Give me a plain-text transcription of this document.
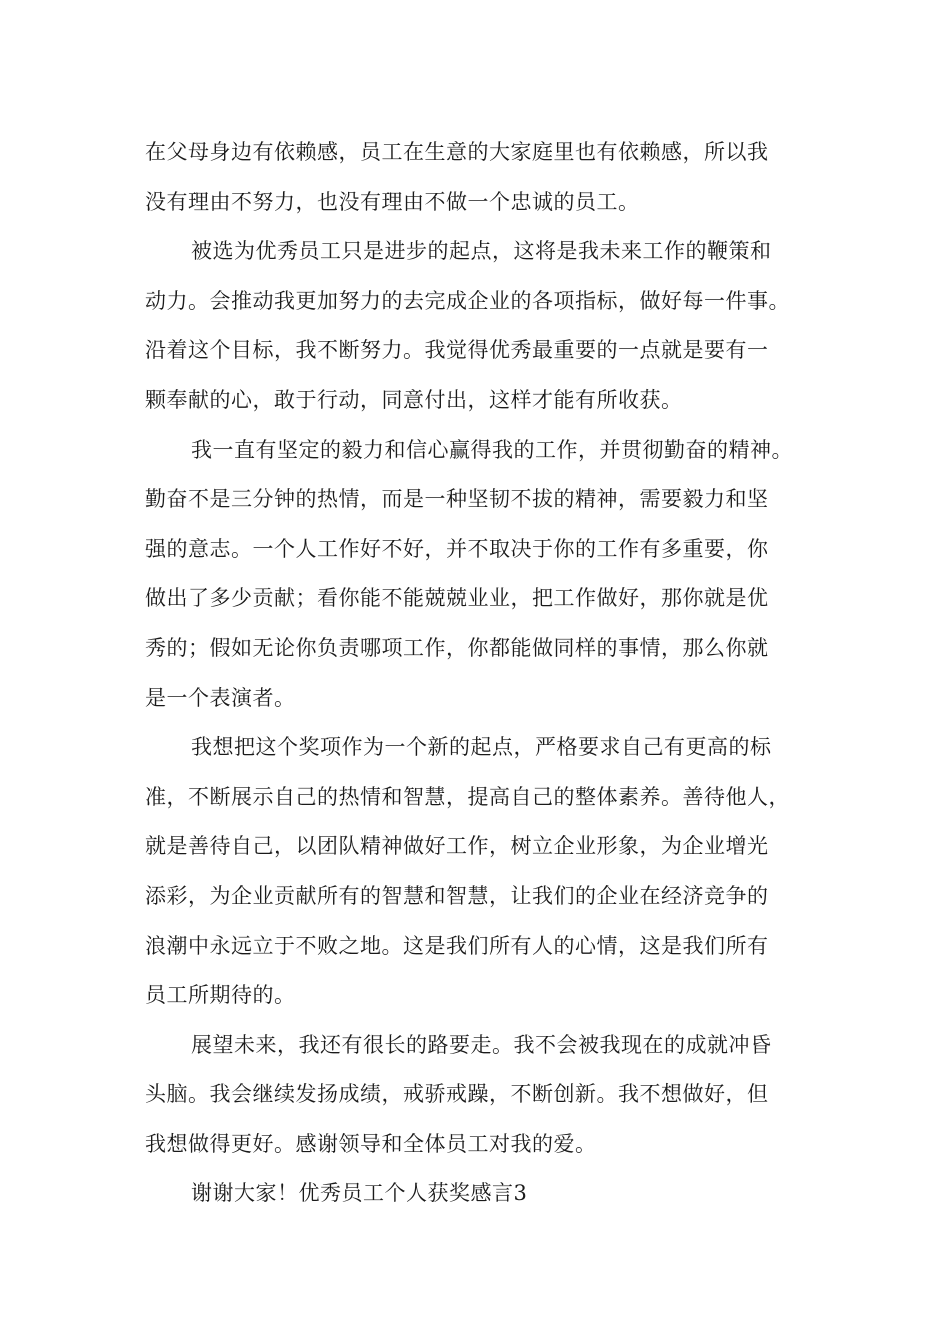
在父母身边有依赖感，员工在生意的大家庭里也有依赖感，所以我
没有理由不努力，也没有理由不做一个忠诚的员工。
被选为优秀员工只是进步的起点，这将是我未来工作的鞭策和
动力。会推动我更加努力的去完成企业的各项指标，做好每一件事。
沿着这个目标，我不断努力。我觉得优秀最重要的一点就是要有一
颗奉献的心，敢于行动，同意付出，这样才能有所收获。
我一直有坚定的毅力和信心赢得我的工作，并贯彻勤奋的精神。
勤奋不是三分钟的热情，而是一种坚韧不拔的精神，需要毅力和坚
强的意志。一个人工作好不好，并不取决于你的工作有多重要，你
做出了多少贡献；看你能不能兢兢业业，把工作做好，那你就是优
秀的；假如无论你负责哪项工作，你都能做同样的事情，那么你就
是一个表演者。
我想把这个奖项作为一个新的起点，严格要求自己有更高的标
准，不断展示自己的热情和智慧，提高自己的整体素养。善待他人，
就是善待自己，以团队精神做好工作，树立企业形象，为企业增光
添彩，为企业贡献所有的智慧和智慧，让我们的企业在经济竞争的
浪潮中永远立于不败之地。这是我们所有人的心情，这是我们所有
员工所期待的。
展望未来，我还有很长的路要走。我不会被我现在的成就冲昏
头脑。我会继续发扬成绩，戒骄戒躁，不断创新。我不想做好，但
我想做得更好。感谢领导和全体员工对我的爱。
谢谢大家！优秀员工个人获奖感言3
